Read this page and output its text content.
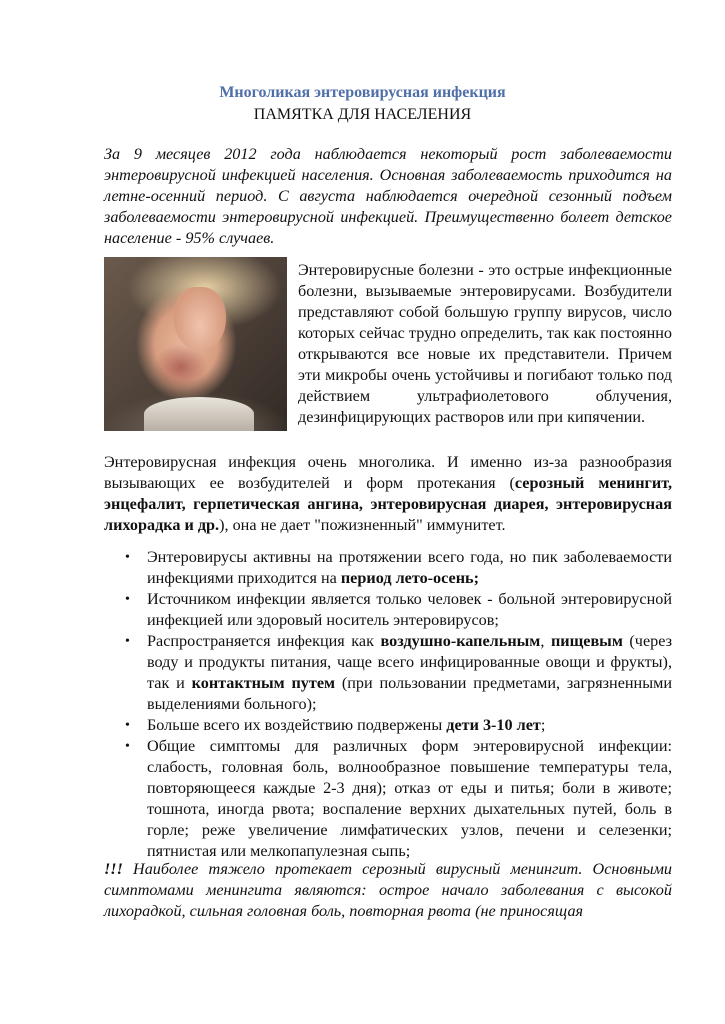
Многоликая энтеровирусная инфекция
ПАМЯТКА ДЛЯ НАСЕЛЕНИЯ
За 9 месяцев 2012 года наблюдается некоторый рост заболеваемости энтеровирусной инфекцией населения. Основная заболеваемость приходится на летне-осенний период. С августа наблюдается очередной сезонный подъем заболеваемости энтеровирусной инфекцией. Преимущественно болеет детское население - 95% случаев.
Энтеровирусные болезни - это острые инфекционные болезни, вызываемые энтеровирусами. Возбудители представляют собой большую группу вирусов, число которых сейчас трудно определить, так как постоянно открываются все новые их представители. Причем эти микробы очень устойчивы и погибают только под действием ультрафиолетового облучения, дезинфицирующих растворов или при кипячении.
Энтеровирусная инфекция очень многолика. И именно из-за разнообразия вызывающих ее возбудителей и форм протекания (серозный менингит, энцефалит, герпетическая ангина, энтеровирусная диарея, энтеровирусная лихорадка и др.), она не дает "пожизненный" иммунитет.
• Энтеровирусы активны на протяжении всего года, но пик заболеваемости инфекциями приходится на период лето-осень;
• Источником инфекции является только человек - больной энтеровирусной инфекцией или здоровый носитель энтеровирусов;
• Распространяется инфекция как воздушно-капельным, пищевым (через воду и продукты питания, чаще всего инфицированные овощи и фрукты), так и контактным путем (при пользовании предметами, загрязненными выделениями больного);
• Больше всего их воздействию подвержены дети 3-10 лет;
• Общие симптомы для различных форм энтеровирусной инфекции: слабость, головная боль, волнообразное повышение температуры тела, повторяющееся каждые 2-3 дня); отказ от еды и питья; боли в животе; тошнота, иногда рвота; воспаление верхних дыхательных путей, боль в горле; реже увеличение лимфатических узлов, печени и селезенки; пятнистая или мелкопапулезная сыпь;
!!! Наиболее тяжело протекает серозный вирусный менингит. Основными симптомами менингита являются: острое начало заболевания с высокой лихорадкой, сильная головная боль, повторная рвота (не приносящая
